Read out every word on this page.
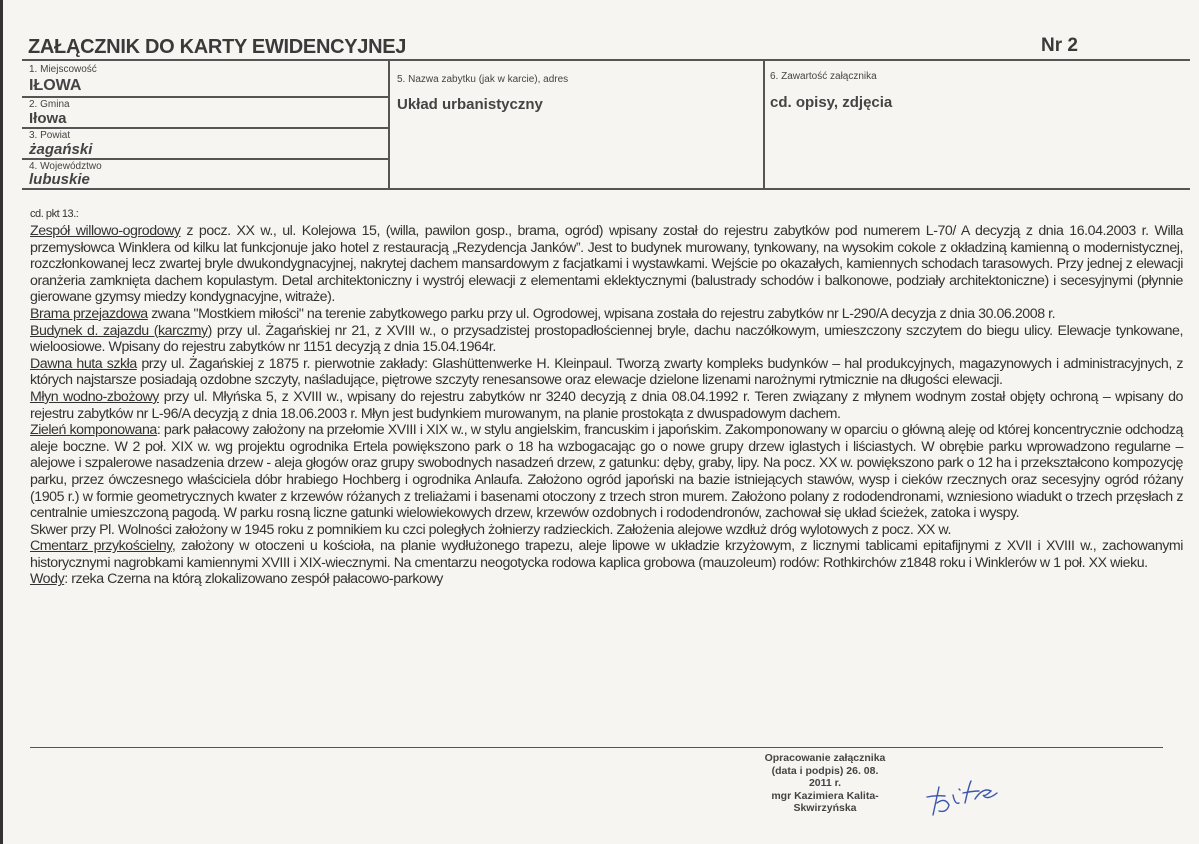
ZAŁĄCZNIK DO KARTY EWIDENCYJNEJ	Nr 2
1. Miejscowość
IŁOWA
2. Gmina
Iłowa
3. Powiat
żagański
4. Województwo
lubuskie
5. Nazwa zabytku (jak w karcie), adres
Układ urbanistyczny
6. Zawartość załącznika
cd. opisy, zdjęcia
cd. pkt 13.:

Zespół willowo-ogrodowy z pocz. XX w., ul. Kolejowa 15, (willa, pawilon gosp., brama, ogród) wpisany został do rejestru zabytków pod numerem L-70/ A decyzją z dnia 16.04.2003 r. Willa przemysłowca Winklera od kilku lat funkcjonuje jako hotel z restauracją „Rezydencja Janków”. Jest to budynek murowany, tynkowany, na wysokim cokole z okładziną kamienną o modernistycznej, rozczłonkowanej lecz zwartej bryle dwukondygnacyjnej, nakrytej dachem mansardowym z facjatkami i wystawkami. Wejście po okazałych, kamiennych schodach tarasowych. Przy jednej z elewacji oranżeria zamknięta dachem kopulastym. Detal architektoniczny i wystrój elewacji z elementami eklektycznymi (balustrady schodów i balkonowe, podziały architektoniczne) i secesyjnymi (płynnie gierowane gzymsy miedzy kondygnacyjne, witraże).

Brama przejazdowa zwana "Mostkiem miłości" na terenie zabytkowego parku przy ul. Ogrodowej, wpisana została do rejestru zabytków nr L-290/A decyzja z dnia 30.06.2008 r.

Budynek d. zajazdu (karczmy) przy ul. Żagańskiej nr 21, z XVIII w., o przysadzistej prostopadłościennej bryle, dachu naczółkowym, umieszczony szczytem do biegu ulicy. Elewacje tynkowane, wieloosiowe. Wpisany do rejestru zabytków nr 1151 decyzją z dnia 15.04.1964r.

Dawna huta szkła przy ul. Żagańskiej z 1875 r. pierwotnie zakłady: Glashüttenwerke H. Kleinpaul. Tworzą zwarty kompleks budynków – hal produkcyjnych, magazynowych i administracyjnych, z których najstarsze posiadają ozdobne szczyty, naśladujące, piętrowe szczyty renesansowe oraz elewacje dzielone lizenami narożnymi rytmicznie na długości elewacji.

Młyn wodno-zbożowy przy ul. Młyńska 5, z XVIII w., wpisany do rejestru zabytków nr 3240 decyzją z dnia 08.04.1992 r. Teren związany z młynem wodnym został objęty ochroną – wpisany do rejestru zabytków nr L-96/A decyzją z dnia 18.06.2003 r. Młyn jest budynkiem murowanym, na planie prostokąta z dwuspadowym dachem.

Zieleń komponowana: park pałacowy założony na przełomie XVIII i XIX w., w stylu angielskim, francuskim i japońskim. Zakomponowany w oparciu o główną aleję od której koncentrycznie odchodzą aleje boczne. W 2 poł. XIX w. wg projektu ogrodnika Ertela powiększono park o 18 ha wzbogacając go o nowe grupy drzew iglastych i liściastych. W obrębie parku wprowadzono regularne – alejowe i szpalerowe nasadzenia drzew - aleja głogów oraz grupy swobodnych nasadzeń drzew, z gatunku: dęby, graby, lipy. Na pocz. XX w. powiększono park o 12 ha i przekształcono kompozycję parku, przez ówczesnego właściciela dóbr hrabiego Hochberg i ogrodnika Anlaufa. Założono ogród japoński na bazie istniejących stawów, wysp i cieków rzecznych oraz secesyjny ogród różany (1905 r.) w formie geometrycznych kwater z krzewów różanych z treliażami i basenami otoczony z trzech stron murem. Założono polany z rododendronami, wzniesiono wiadukt o trzech przęsłach z centralnie umieszczoną pagodą. W parku rosną liczne gatunki wielowiekowych drzew, krzewów ozdobnych i rododendronów, zachował się układ ścieżek, zatoka i wyspy.

Skwer przy Pl. Wolności założony w 1945 roku z pomnikiem ku czci poległych żołnierzy radzieckich. Założenia alejowe wzdłuż dróg wylotowych z pocz. XX w.

Cmentarz przykościelny, założony w otoczeni u kościoła, na planie wydłużonego trapezu, aleje lipowe w układzie krzyżowym, z licznymi tablicami epitafijnymi z XVII i XVIII w., zachowanymi historycznymi nagrobkami kamiennymi XVIII i XIX-wiecznymi. Na cmentarzu neogotycka rodowa kaplica grobowa (mauzoleum) rodów: Rothkirchów z1848 roku i Winklerów w 1 poł. XX wieku.

Wody: rzeka Czerna na którą zlokalizowano zespół pałacowo-parkowy

Opracowanie załącznika
(data i podpis) 26. 08. 2011 r.
mgr Kazimiera Kalita-
Skwirzyńska
